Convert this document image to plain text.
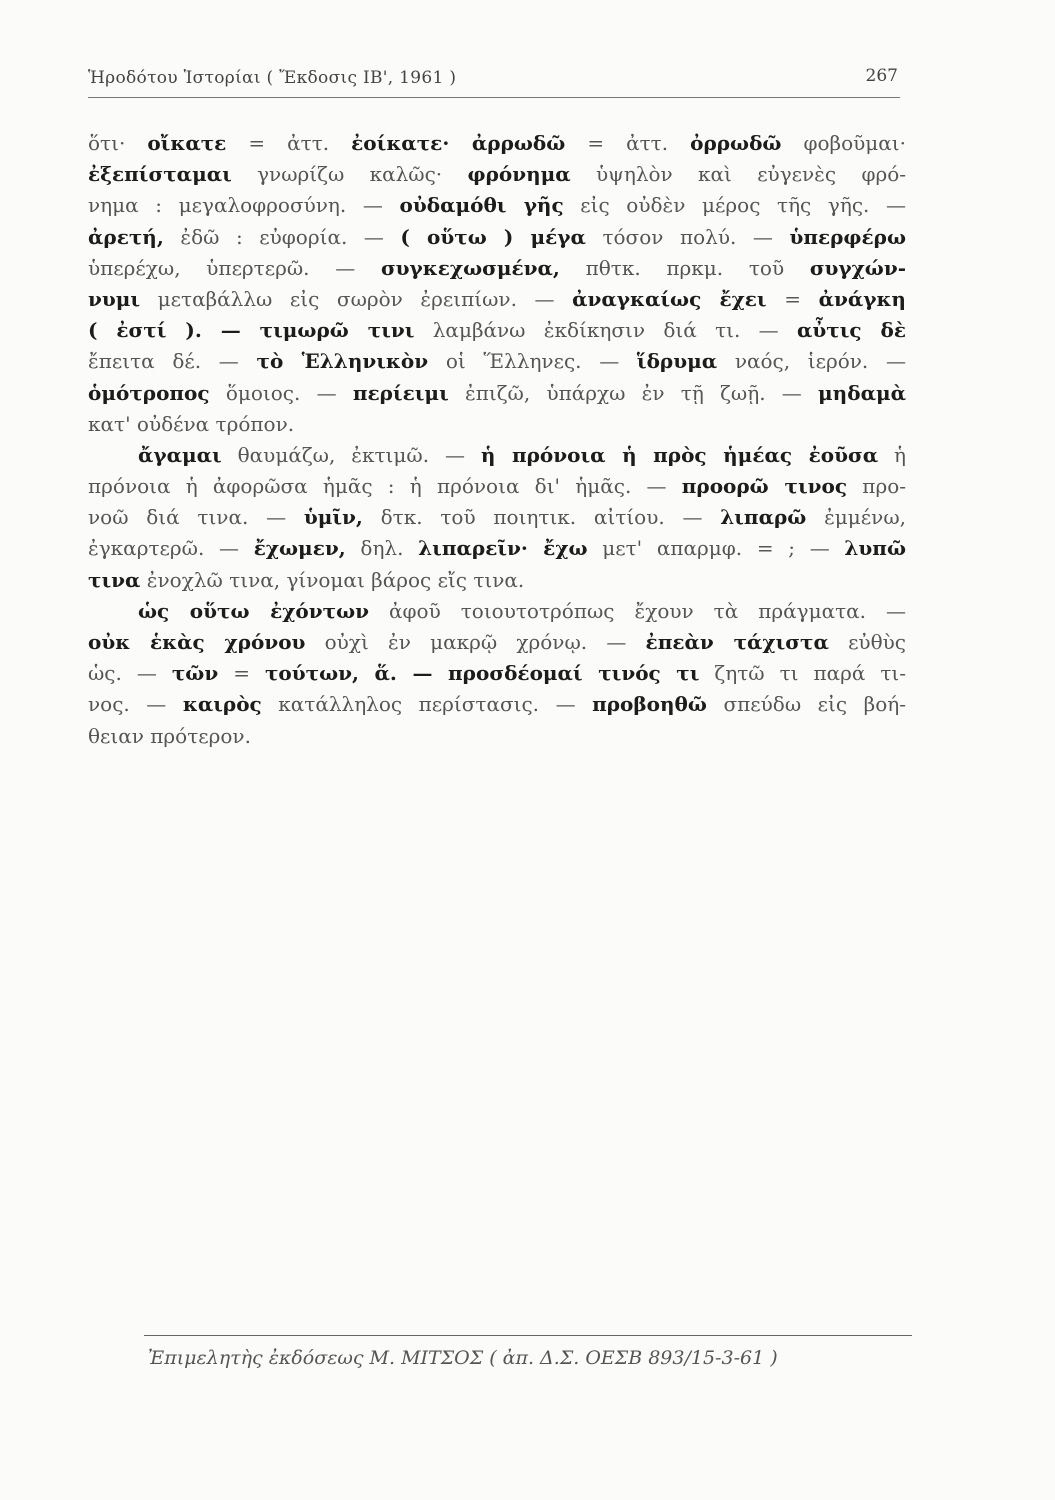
Ἡροδότου Ἱστορίαι ( Ἔκδοσις ΙΒ', 1961 )	267
ὅτι· οἴκατε = ἀττ. ἐοίκατε· ἀρρωδῶ = ἀττ. ὀρρωδῶ φοβοῦμαι·
ἐξεπίσταμαι γνωρίζω καλῶς· φρόνημα ὑψηλὸν καὶ εὐγενὲς φρό-
νημα : μεγαλοφροσύνη. — οὐδαμόθι γῆς εἰς οὐδὲν μέρος τῆς γῆς. —
ἀρετή, ἐδῶ : εὐφορία. — ( οὕτω ) μέγα τόσον πολύ. — ὑπερφέρω
ὑπερέχω, ὑπερτερῶ. — συγκεχωσμένα, πθτκ. πρκμ. τοῦ συγχών-
νυμι μεταβάλλω εἰς σωρὸν ἐρειπίων. — ἀναγκαίως ἔχει = ἀνάγκη
( ἐστί ). — τιμωρῶ τινι λαμβάνω ἐκδίκησιν διά τι. — αὖτις δὲ
ἔπειτα δέ. — τὸ Ἑλληνικὸν οἱ Ἕλληνες. — ἵδρυμα ναός, ἱερόν. —
ὁμότροπος ὅμοιος. — περίειμι ἐπιζῶ, ὑπάρχω ἐν τῇ ζωῇ. — μηδαμὰ
κατ' οὐδένα τρόπον.
ἄγαμαι θαυμάζω, ἐκτιμῶ. — ἡ πρόνοια ἡ πρὸς ἡμέας ἐοῦσα ἡ
πρόνοια ἡ ἀφορῶσα ἡμᾶς : ἡ πρόνοια δι' ἡμᾶς. — προορῶ τινος προ-
νοῶ διά τινα. — ὑμῖν, δτκ. τοῦ ποιητικ. αἰτίου. — λιπαρῶ ἐμμένω,
ἐγκαρτερῶ. — ἔχωμεν, δηλ. λιπαρεῖν· ἔχω μετ' απαρμφ. = ; — λυπῶ
τινα ἐνοχλῶ τινα, γίνομαι βάρος εἴς τινα.
ὡς οὕτω ἐχόντων ἀφοῦ τοιουτοτρόπως ἔχουν τὰ πράγματα. —
οὐκ ἑκὰς χρόνου οὐχὶ ἐν μακρῷ χρόνῳ. — ἐπεὰν τάχιστα εὐθὺς
ὡς. — τῶν = τούτων, ἅ. — προσδέομαί τινός τι ζητῶ τι παρά τι-
νος. — καιρὸς κατάλληλος περίστασις. — προβοηθῶ σπεύδω εἰς βοή-
θειαν πρότερον.
Ἐπιμελητὴς ἐκδόσεως Μ. ΜΙΤΣΟΣ ( ἀπ. Δ.Σ. ΟΕΣΒ 893/15-3-61 )
